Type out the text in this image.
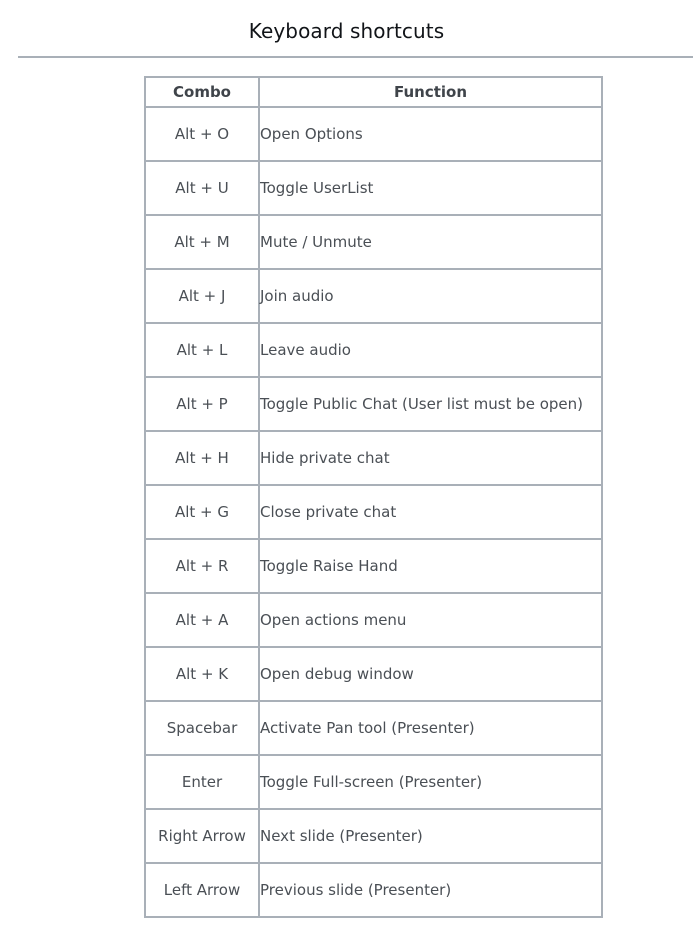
Keyboard shortcuts
Combo	Function
Alt + O	Open Options
Alt + U	Toggle UserList
Alt + M	Mute / Unmute
Alt + J	Join audio
Alt + L	Leave audio
Alt + P	Toggle Public Chat (User list must be open)
Alt + H	Hide private chat
Alt + G	Close private chat
Alt + R	Toggle Raise Hand
Alt + A	Open actions menu
Alt + K	Open debug window
Spacebar	Activate Pan tool (Presenter)
Enter	Toggle Full-screen (Presenter)
Right Arrow	Next slide (Presenter)
Left Arrow	Previous slide (Presenter)
